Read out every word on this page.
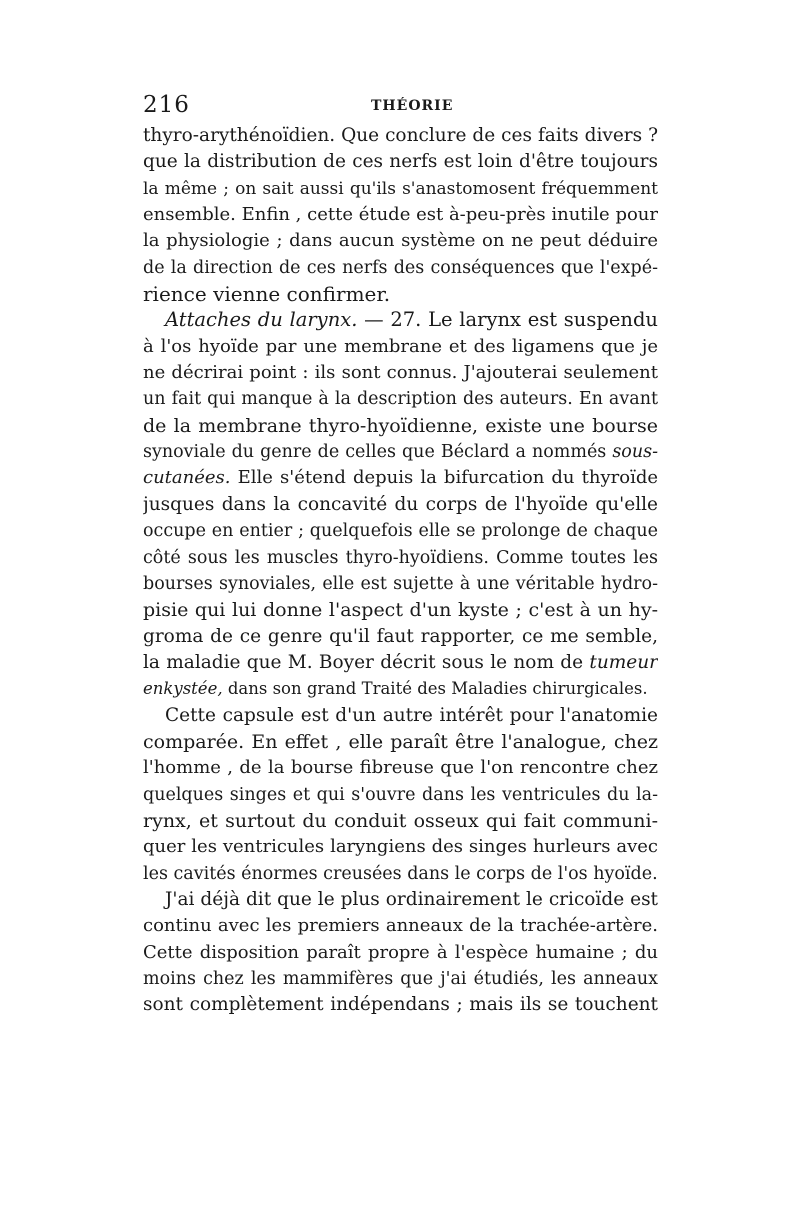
216	THÉORIE
thyro-arythénoïdien. Que conclure de ces faits divers ?
que la distribution de ces nerfs est loin d'être toujours
la même ; on sait aussi qu'ils s'anastomosent fréquemment
ensemble. Enfin , cette étude est à-peu-près inutile pour
la physiologie ; dans aucun système on ne peut déduire
de la direction de ces nerfs des conséquences que l'expé-
rience vienne confirmer.
Attaches du larynx. — 27. Le larynx est suspendu
à l'os hyoïde par une membrane et des ligamens que je
ne décrirai point : ils sont connus. J'ajouterai seulement
un fait qui manque à la description des auteurs. En avant
de la membrane thyro-hyoïdienne, existe une bourse
synoviale du genre de celles que Béclard a nommés sous-
cutanées. Elle s'étend depuis la bifurcation du thyroïde
jusques dans la concavité du corps de l'hyoïde qu'elle
occupe en entier ; quelquefois elle se prolonge de chaque
côté sous les muscles thyro-hyoïdiens. Comme toutes les
bourses synoviales, elle est sujette à une véritable hydro-
pisie qui lui donne l'aspect d'un kyste ; c'est à un hy-
groma de ce genre qu'il faut rapporter, ce me semble,
la maladie que M. Boyer décrit sous le nom de tumeur
enkystée, dans son grand Traité des Maladies chirurgicales.
Cette capsule est d'un autre intérêt pour l'anatomie
comparée. En effet , elle paraît être l'analogue, chez
l'homme , de la bourse fibreuse que l'on rencontre chez
quelques singes et qui s'ouvre dans les ventricules du la-
rynx, et surtout du conduit osseux qui fait communi-
quer les ventricules laryngiens des singes hurleurs avec
les cavités énormes creusées dans le corps de l'os hyoïde.
J'ai déjà dit que le plus ordinairement le cricoïde est
continu avec les premiers anneaux de la trachée-artère.
Cette disposition paraît propre à l'espèce humaine ; du
moins chez les mammifères que j'ai étudiés, les anneaux
sont complètement indépendans ; mais ils se touchent
